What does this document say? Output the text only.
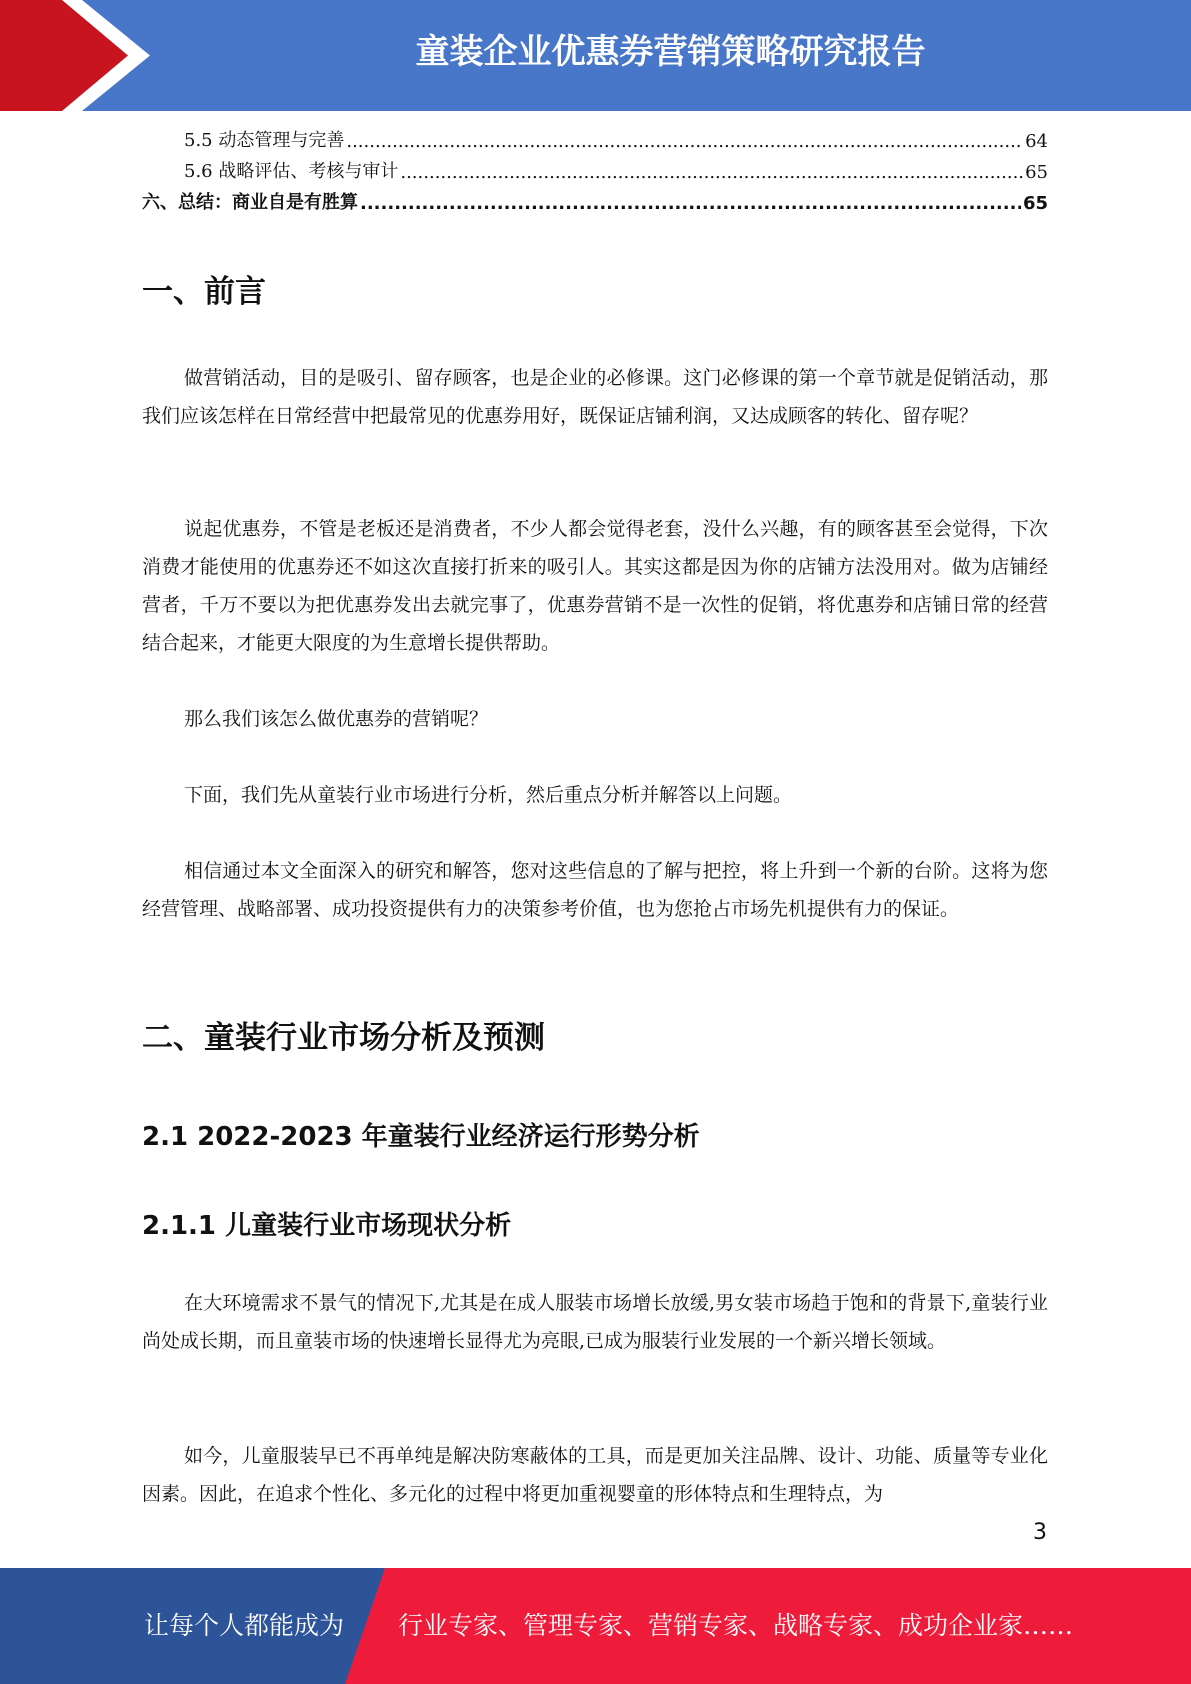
童装企业优惠券营销策略研究报告
5.5 动态管理与完善 .....	64
5.6 战略评估、考核与审计 .....	65
六、总结：商业自是有胜算 .....	65
一、前言
做营销活动，目的是吸引、留存顾客，也是企业的必修课。这门必修课的第一个章节就是促销活动，那我们应该怎样在日常经营中把最常见的优惠券用好，既保证店铺利润，又达成顾客的转化、留存呢？
说起优惠券，不管是老板还是消费者，不少人都会觉得老套，没什么兴趣，有的顾客甚至会觉得，下次消费才能使用的优惠券还不如这次直接打折来的吸引人。其实这都是因为你的店铺方法没用对。做为店铺经营者，千万不要以为把优惠券发出去就完事了，优惠券营销不是一次性的促销，将优惠券和店铺日常的经营结合起来，才能更大限度的为生意增长提供帮助。
那么我们该怎么做优惠券的营销呢？
下面，我们先从童装行业市场进行分析，然后重点分析并解答以上问题。
相信通过本文全面深入的研究和解答，您对这些信息的了解与把控，将上升到一个新的台阶。这将为您经营管理、战略部署、成功投资提供有力的决策参考价值，也为您抢占市场先机提供有力的保证。
二、童装行业市场分析及预测
2.1 2022-2023 年童装行业经济运行形势分析
2.1.1 儿童装行业市场现状分析
在大环境需求不景气的情况下,尤其是在成人服装市场增长放缓,男女装市场趋于饱和的背景下,童装行业尚处成长期，而且童装市场的快速增长显得尤为亮眼,已成为服装行业发展的一个新兴增长领域。
如今，儿童服装早已不再单纯是解决防寒蔽体的工具，而是更加关注品牌、设计、功能、质量等专业化因素。因此，在追求个性化、多元化的过程中将更加重视婴童的形体特点和生理特点，为
3
让每个人都能成为 行业专家、管理专家、营销专家、战略专家、成功企业家……
